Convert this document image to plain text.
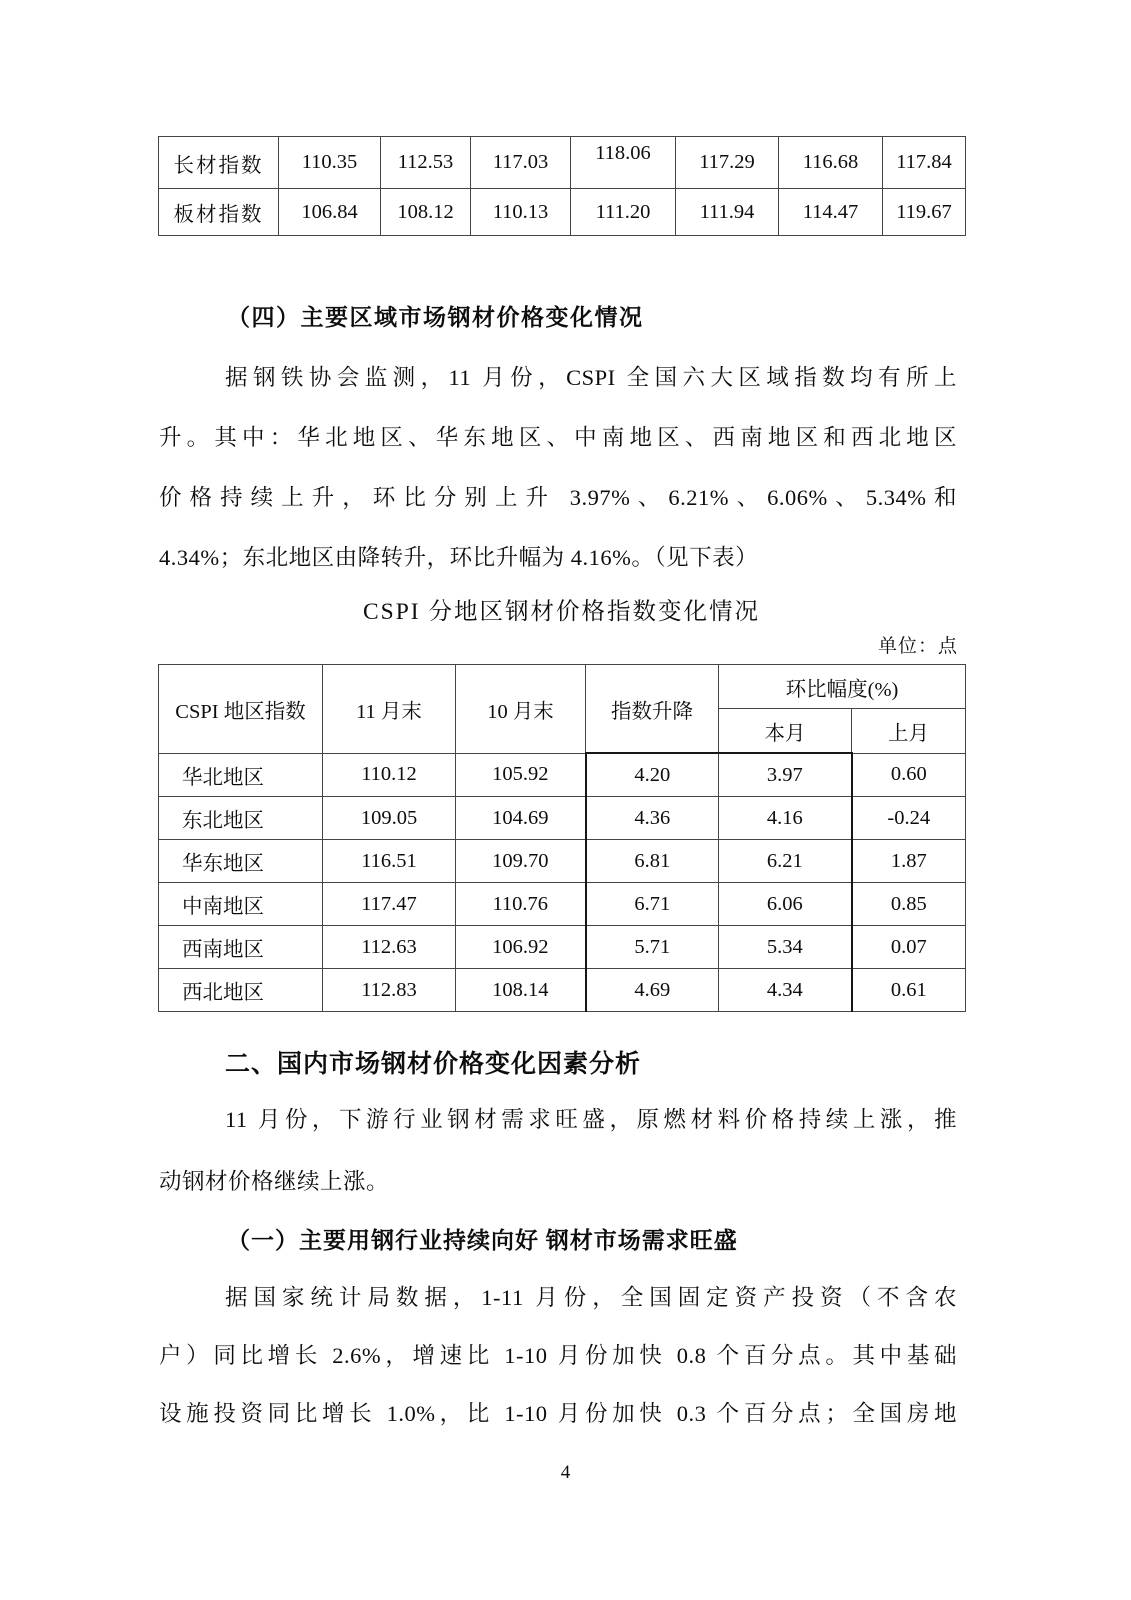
长材指数	110.35	112.53	117.03	118.06	117.29	116.68	117.84
板材指数	106.84	108.12	110.13	111.20	111.94	114.47	119.67
（四）主要区域市场钢材价格变化情况
据钢铁协会监测，11 月份，CSPI 全国六大区域指数均有所上
升。其中：华北地区、华东地区、中南地区、西南地区和西北地区
价格持续上升，环比分别上升 3.97%、6.21%、6.06%、5.34%和
4.34%；东北地区由降转升，环比升幅为 4.16%。（见下表）
CSPI 分地区钢材价格指数变化情况
单位：点
CSPI 地区指数	11 月末	10 月末	指数升降	环比幅度(%)	
				本月	上月
华北地区	110.12	105.92	4.20	3.97	0.60
东北地区	109.05	104.69	4.36	4.16	-0.24
华东地区	116.51	109.70	6.81	6.21	1.87
中南地区	117.47	110.76	6.71	6.06	0.85
西南地区	112.63	106.92	5.71	5.34	0.07
西北地区	112.83	108.14	4.69	4.34	0.61
二、国内市场钢材价格变化因素分析
11 月份，下游行业钢材需求旺盛，原燃材料价格持续上涨，推
动钢材价格继续上涨。
（一）主要用钢行业持续向好 钢材市场需求旺盛
据国家统计局数据，1-11 月份，全国固定资产投资（不含农
户）同比增长 2.6%，增速比 1-10 月份加快 0.8 个百分点。其中基础
设施投资同比增长 1.0%，比 1-10 月份加快 0.3 个百分点；全国房地
4
